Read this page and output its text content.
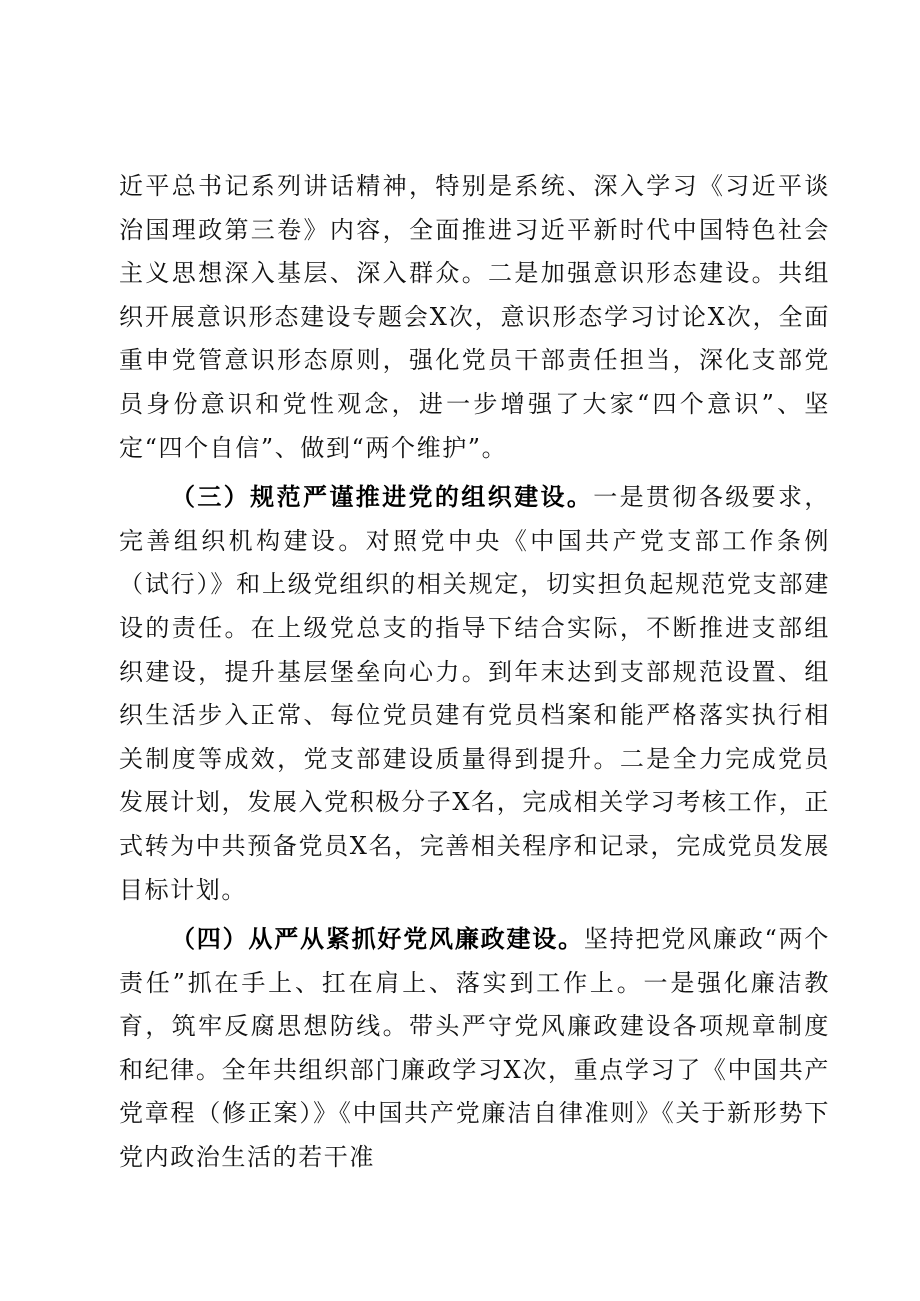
近平总书记系列讲话精神，特别是系统、深入学习《习近平谈治国理政第三卷》内容，全面推进习近平新时代中国特色社会主义思想深入基层、深入群众。二是加强意识形态建设。共组织开展意识形态建设专题会X次，意识形态学习讨论X次，全面重申党管意识形态原则，强化党员干部责任担当，深化支部党员身份意识和党性观念，进一步增强了大家“四个意识”、坚定“四个自信”、做到“两个维护”。

（三）规范严谨推进党的组织建设。一是贯彻各级要求，完善组织机构建设。对照党中央《中国共产党支部工作条例（试行）》和上级党组织的相关规定，切实担负起规范党支部建设的责任。在上级党总支的指导下结合实际，不断推进支部组织建设，提升基层堡垒向心力。到年末达到支部规范设置、组织生活步入正常、每位党员建有党员档案和能严格落实执行相关制度等成效，党支部建设质量得到提升。二是全力完成党员发展计划，发展入党积极分子X名，完成相关学习考核工作，正式转为中共预备党员X名，完善相关程序和记录，完成党员发展目标计划。

（四）从严从紧抓好党风廉政建设。坚持把党风廉政“两个责任”抓在手上、扛在肩上、落实到工作上。一是强化廉洁教育，筑牢反腐思想防线。带头严守党风廉政建设各项规章制度和纪律。全年共组织部门廉政学习X次，重点学习了《中国共产党章程（修正案）》《中国共产党廉洁自律准则》《关于新形势下党内政治生活的若干准
